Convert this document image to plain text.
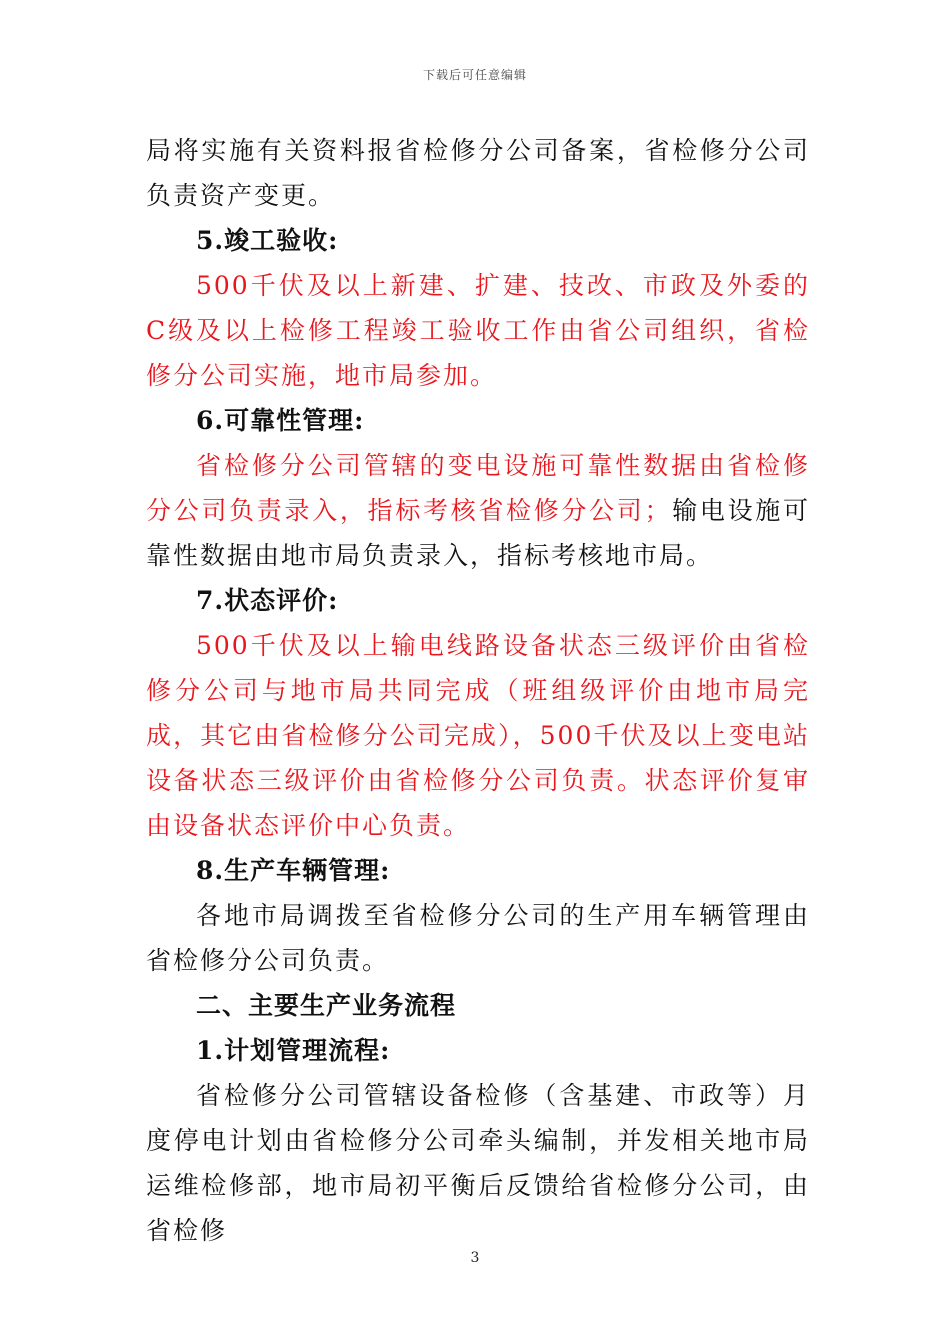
下载后可任意编辑

局将实施有关资料报省检修分公司备案，省检修分公司负责资产变更。

5.竣工验收:

500千伏及以上新建、扩建、技改、市政及外委的C级及以上检修工程竣工验收工作由省公司组织，省检修分公司实施，地市局参加。

6.可靠性管理:

省检修分公司管辖的变电设施可靠性数据由省检修分公司负责录入，指标考核省检修分公司；输电设施可靠性数据由地市局负责录入，指标考核地市局。

7.状态评价:

500千伏及以上输电线路设备状态三级评价由省检修分公司与地市局共同完成（班组级评价由地市局完成，其它由省检修分公司完成），500千伏及以上变电站设备状态三级评价由省检修分公司负责。状态评价复审由设备状态评价中心负责。

8.生产车辆管理:

各地市局调拨至省检修分公司的生产用车辆管理由省检修分公司负责。

二、主要生产业务流程

1.计划管理流程:

省检修分公司管辖设备检修（含基建、市政等）月度停电计划由省检修分公司牵头编制，并发相关地市局运维检修部，地市局初平衡后反馈给省检修分公司，由省检修

3
